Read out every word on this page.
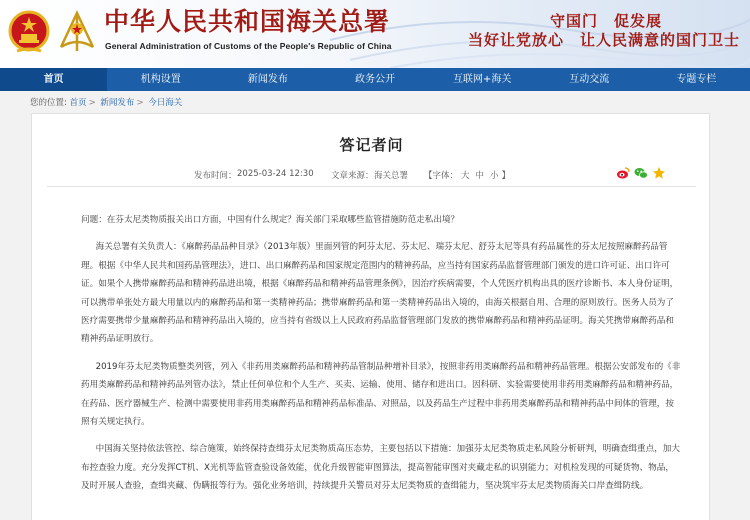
中华人民共和国海关总署
General Administration of Customs of the People's Republic of China
守国门　促发展
当好让党放心　让人民满意的国门卫士
首页	机构设置	新闻发布	政务公开	互联网+海关	互动交流	专题专栏
您的位置: 首页 > 新闻发布 > 今日海关
答记者问
发布时间： 2025-03-24 12:30 文章来源： 海关总署 【字体： 大 中 小 】

问题：在芬太尼类物质报关出口方面，中国有什么规定？海关部门采取哪些监管措施防范走私出境？

海关总署有关负责人：《麻醉药品品种目录》（2013年版）里面列管的阿芬太尼、芬太尼、瑞芬太尼、舒芬太尼等具有药品属性的芬太尼按照麻醉药品管理。根据《中华人民共和国药品管理法》，进口、出口麻醉药品和国家规定范围内的精神药品，应当持有国家药品监督管理部门颁发的进口许可证、出口许可证。如果个人携带麻醉药品和精神药品进出境，根据《麻醉药品和精神药品管理条例》，因治疗疾病需要，个人凭医疗机构出具的医疗诊断书、本人身份证明，可以携带单张处方最大用量以内的麻醉药品和第一类精神药品；携带麻醉药品和第一类精神药品出入境的，由海关根据自用、合理的原则放行。医务人员为了医疗需要携带少量麻醉药品和精神药品出入境的，应当持有省级以上人民政府药品监督管理部门发放的携带麻醉药品和精神药品证明。海关凭携带麻醉药品和精神药品证明放行。

2019年芬太尼类物质整类列管，列入《非药用类麻醉药品和精神药品管制品种增补目录》，按照非药用类麻醉药品和精神药品管理。根据公安部发布的《非药用类麻醉药品和精神药品列管办法》，禁止任何单位和个人生产、买卖、运输、使用、储存和进出口。因科研、实验需要使用非药用类麻醉药品和精神药品，在药品、医疗器械生产、检测中需要使用非药用类麻醉药品和精神药品标准品、对照品，以及药品生产过程中非药用类麻醉药品和精神药品中间体的管理，按照有关规定执行。

中国海关坚持依法管控、综合施策，始终保持查缉芬太尼类物质高压态势，主要包括以下措施：加强芬太尼类物质走私风险分析研判，明确查缉重点，加大布控查验力度。充分发挥CT机、X光机等监管查验设备效能，优化升级智能审图算法，提高智能审图对夹藏走私的识别能力；对机检发现的可疑货物、物品，及时开展人查验，查缉夹藏、伪瞒报等行为。强化业务培训，持续提升关警员对芬太尼类物质的查缉能力，坚决筑牢芬太尼类物质海关口岸查缉防线。
